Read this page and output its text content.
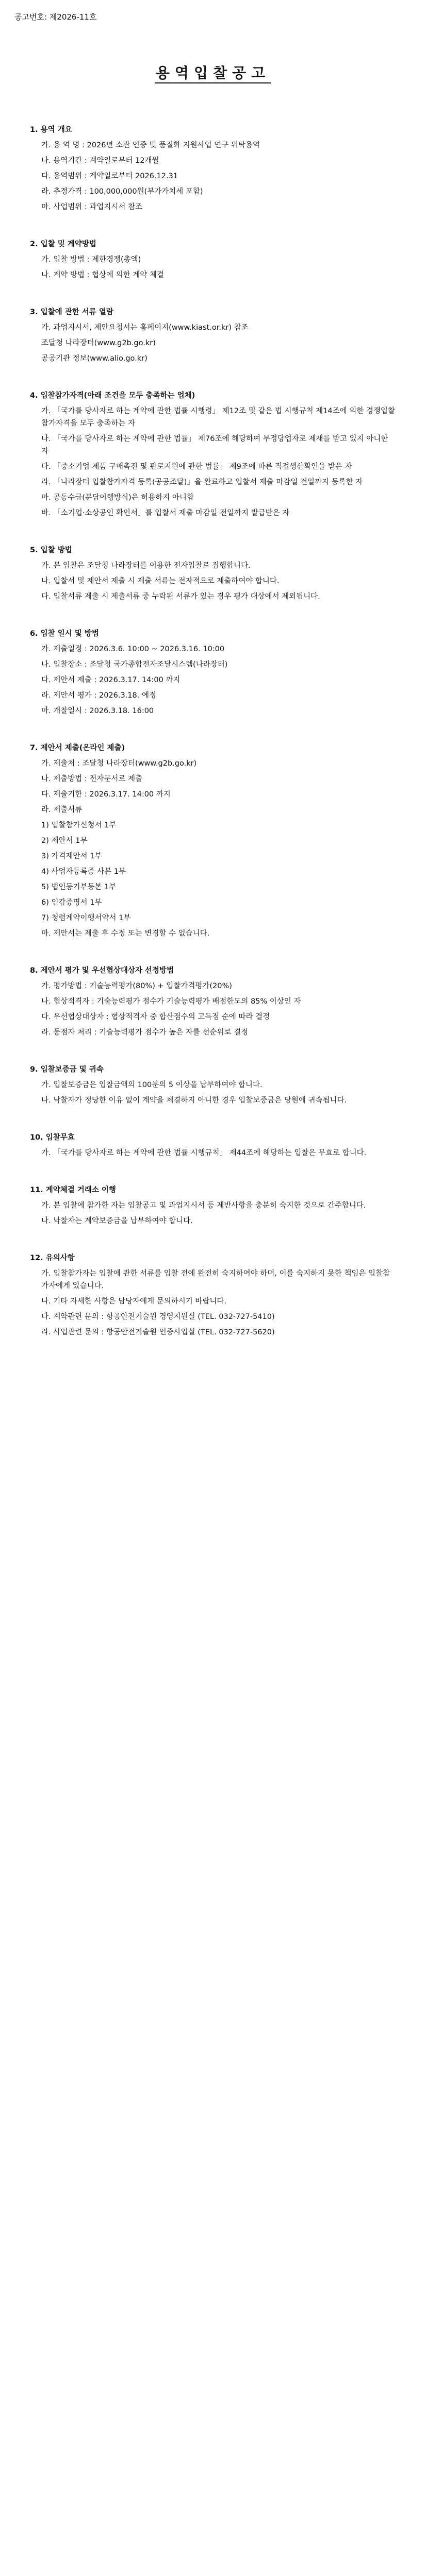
공고번호: 제2026-11호
용역입찰공고
1. 용역 개요
가. 용 역 명 : 2026년 소관 인증 및 품질화 지원사업 연구 위탁용역
나. 용역기간 : 계약일로부터 12개월
다. 용역범위 : 계약일로부터 2026.12.31
라. 추정가격 : 100,000,000원(부가가치세 포함)
마. 사업범위 : 과업지시서 참조
2. 입찰 및 계약방법
가. 입찰 방법 : 제한경쟁(총액)
나. 계약 방법 : 협상에 의한 계약 체결
3. 입찰에 관한 서류 열람
가. 과업지시서, 제안요청서는 홈페이지(www.kiast.or.kr) 참조
조달청 나라장터(www.g2b.go.kr)
공공기관 정보(www.alio.go.kr)
4. 입찰참가자격(아래 조건을 모두 충족하는 업체)
가. 「국가를 당사자로 하는 계약에 관한 법률 시행령」 제12조 및 같은 법 시행규칙 제14조에 의한 경쟁입찰참가자격을 모두 충족하는 자
나. 「국가를 당사자로 하는 계약에 관한 법률」 제76조에 해당하여 부정당업자로 제재를 받고 있지 아니한 자
다. 「중소기업 제품 구매촉진 및 판로지원에 관한 법률」 제9조에 따른 직접생산확인을 받은 자
라. 「나라장터 입찰참가자격 등록(공공조달)」을 완료하고 입찰서 제출 마감일 전일까지 등록한 자
마. 공동수급(분담이행방식)은 허용하지 아니함
바. 「소기업·소상공인 확인서」를 입찰서 제출 마감일 전일까지 발급받은 자
5. 입찰 방법
가. 본 입찰은 조달청 나라장터를 이용한 전자입찰로 집행합니다.
나. 입찰서 및 제안서 제출 시 제출 서류는 전자적으로 제출하여야 합니다.
다. 입찰서류 제출 시 제출서류 중 누락된 서류가 있는 경우 평가 대상에서 제외됩니다.
6. 입찰 일시 및 방법
가. 제출일정 : 2026.3.6. 10:00 ~ 2026.3.16. 10:00
나. 입찰장소 : 조달청 국가종합전자조달시스템(나라장터)
다. 제안서 제출 : 2026.3.17. 14:00 까지
라. 제안서 평가 : 2026.3.18. 예정
마. 개찰일시 : 2026.3.18. 16:00
7. 제안서 제출(온라인 제출)
가. 제출처 : 조달청 나라장터(www.g2b.go.kr)
나. 제출방법 : 전자문서로 제출
다. 제출기한 : 2026.3.17. 14:00 까지
라. 제출서류
1) 입찰참가신청서 1부
2) 제안서 1부
3) 가격제안서 1부
4) 사업자등록증 사본 1부
5) 법인등기부등본 1부
6) 인감증명서 1부
7) 청렴계약이행서약서 1부
마. 제안서는 제출 후 수정 또는 변경할 수 없습니다.
8. 제안서 평가 및 우선협상대상자 선정방법
가. 평가방법 : 기술능력평가(80%) + 입찰가격평가(20%)
나. 협상적격자 : 기술능력평가 점수가 기술능력평가 배점한도의 85% 이상인 자
다. 우선협상대상자 : 협상적격자 중 합산점수의 고득점 순에 따라 결정
라. 동점자 처리 : 기술능력평가 점수가 높은 자를 선순위로 결정
9. 입찰보증금 및 귀속
가. 입찰보증금은 입찰금액의 100분의 5 이상을 납부하여야 합니다.
나. 낙찰자가 정당한 이유 없이 계약을 체결하지 아니한 경우 입찰보증금은 당원에 귀속됩니다.
10. 입찰무효
가. 「국가를 당사자로 하는 계약에 관한 법률 시행규칙」 제44조에 해당하는 입찰은 무효로 합니다.
11. 계약체결 거래소 이행
가. 본 입찰에 참가한 자는 입찰공고 및 과업지시서 등 제반사항을 충분히 숙지한 것으로 간주합니다.
나. 낙찰자는 계약보증금을 납부하여야 합니다.
12. 유의사항
가. 입찰참가자는 입찰에 관한 서류를 입찰 전에 완전히 숙지하여야 하며, 이를 숙지하지 못한 책임은 입찰참가자에게 있습니다.
나. 기타 자세한 사항은 담당자에게 문의하시기 바랍니다.
다. 계약관련 문의 : 항공안전기술원 경영지원실 (TEL. 032-727-5410)
라. 사업관련 문의 : 항공안전기술원 인증사업실 (TEL. 032-727-5620)
